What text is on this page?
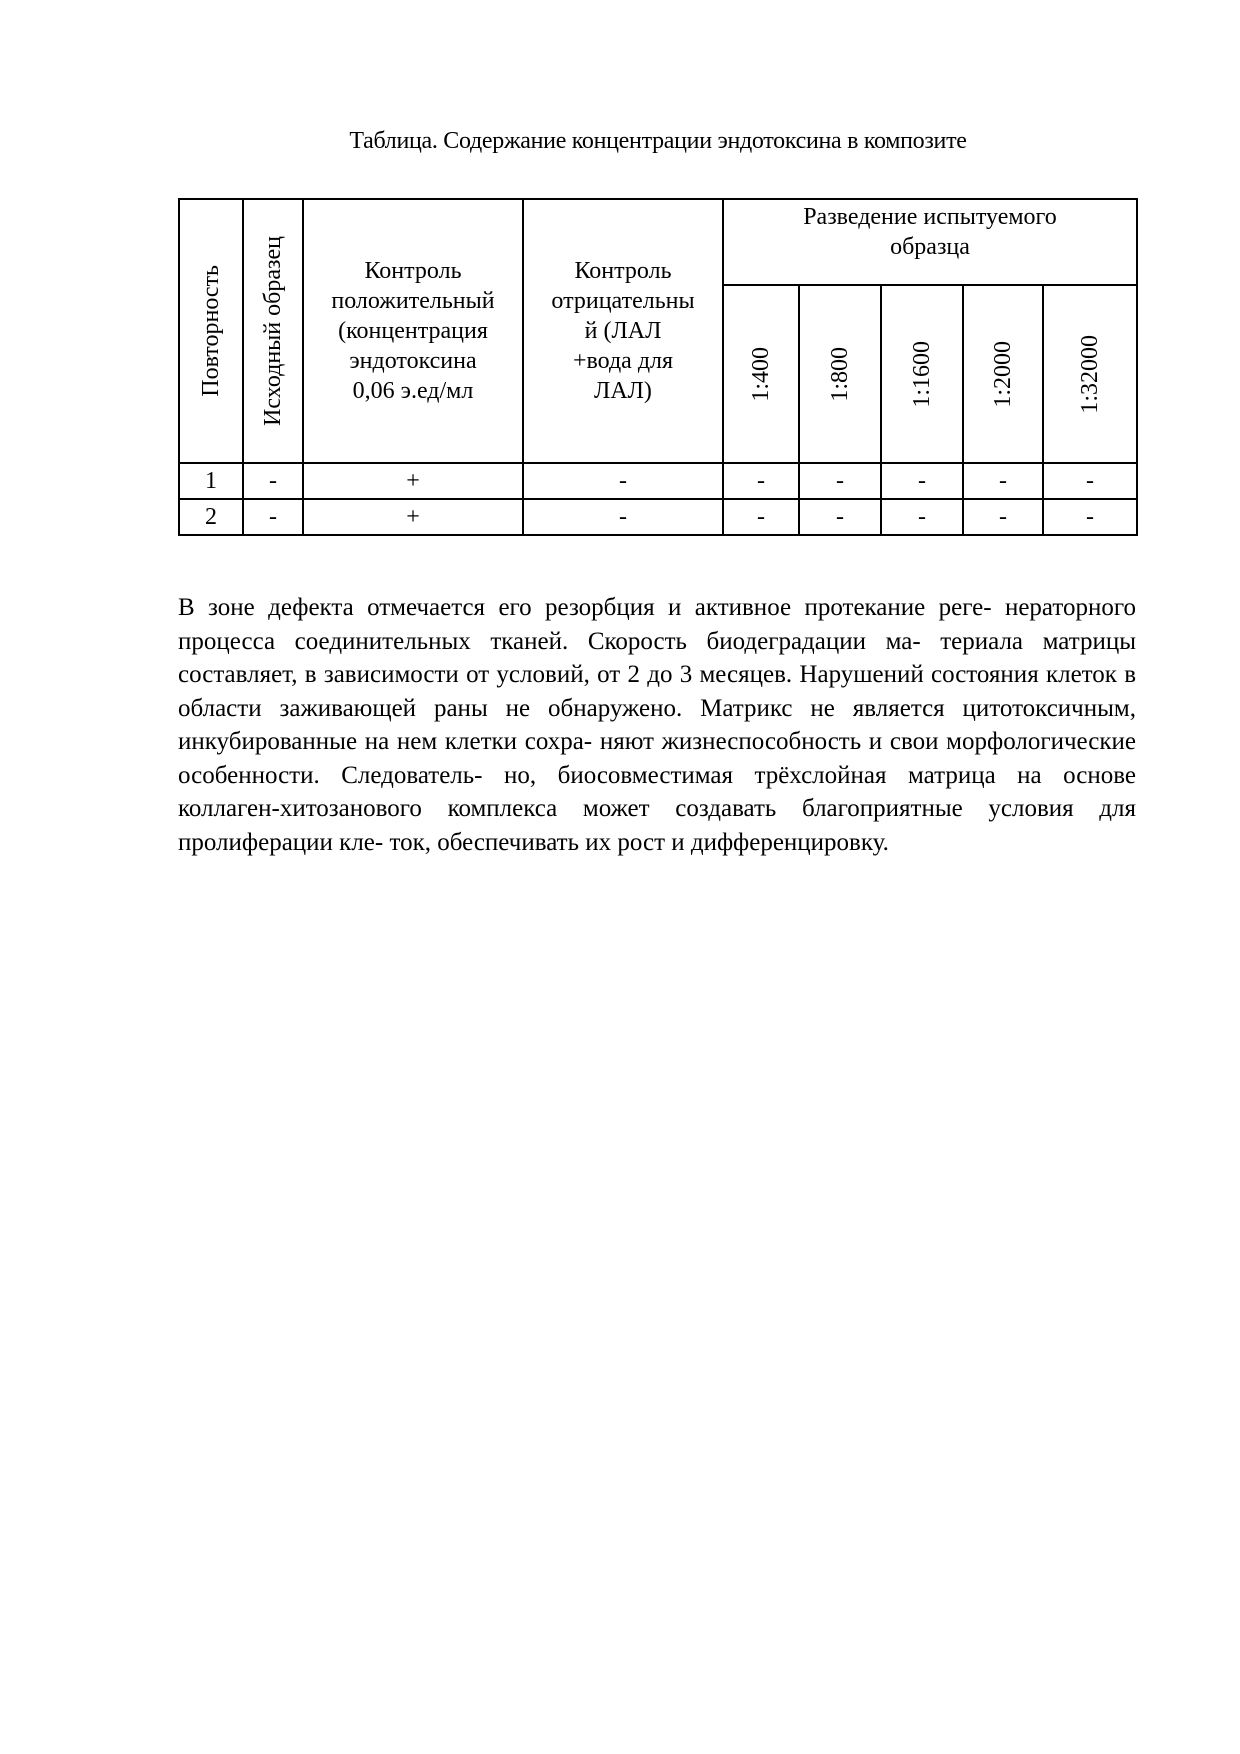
Таблица. Содержание концентрации эндотоксина в композите
Повторность	Исходный образец	Контроль
положительный
(концентрация
эндотоксина
0,06 э.ед/мл	Контроль
отрицательны
й (ЛАЛ
+вода для
ЛАЛ)	Разведение испытуемого
образца				

				1:400	1:800	1:1600	1:2000	1:32000

1	-	+	-	-	-	-	-	-
2	-	+	-	-	-	-	-	-

В зоне дефекта отмечается его резорбция и активное протекание реге- нераторного процесса соединительных тканей. Скорость биодеградации ма- териала матрицы составляет, в зависимости от условий, от 2 до 3 месяцев. Нарушений состояния клеток в области заживающей раны не обнаружено. Матрикс не является цитотоксичным, инкубированные на нем клетки сохра- няют жизнеспособность и свои морфологические особенности. Следователь- но, биосовместимая трёхслойная матрица на основе коллаген-хитозанового комплекса может создавать благоприятные условия для пролиферации кле- ток, обеспечивать их рост и дифференцировку.
